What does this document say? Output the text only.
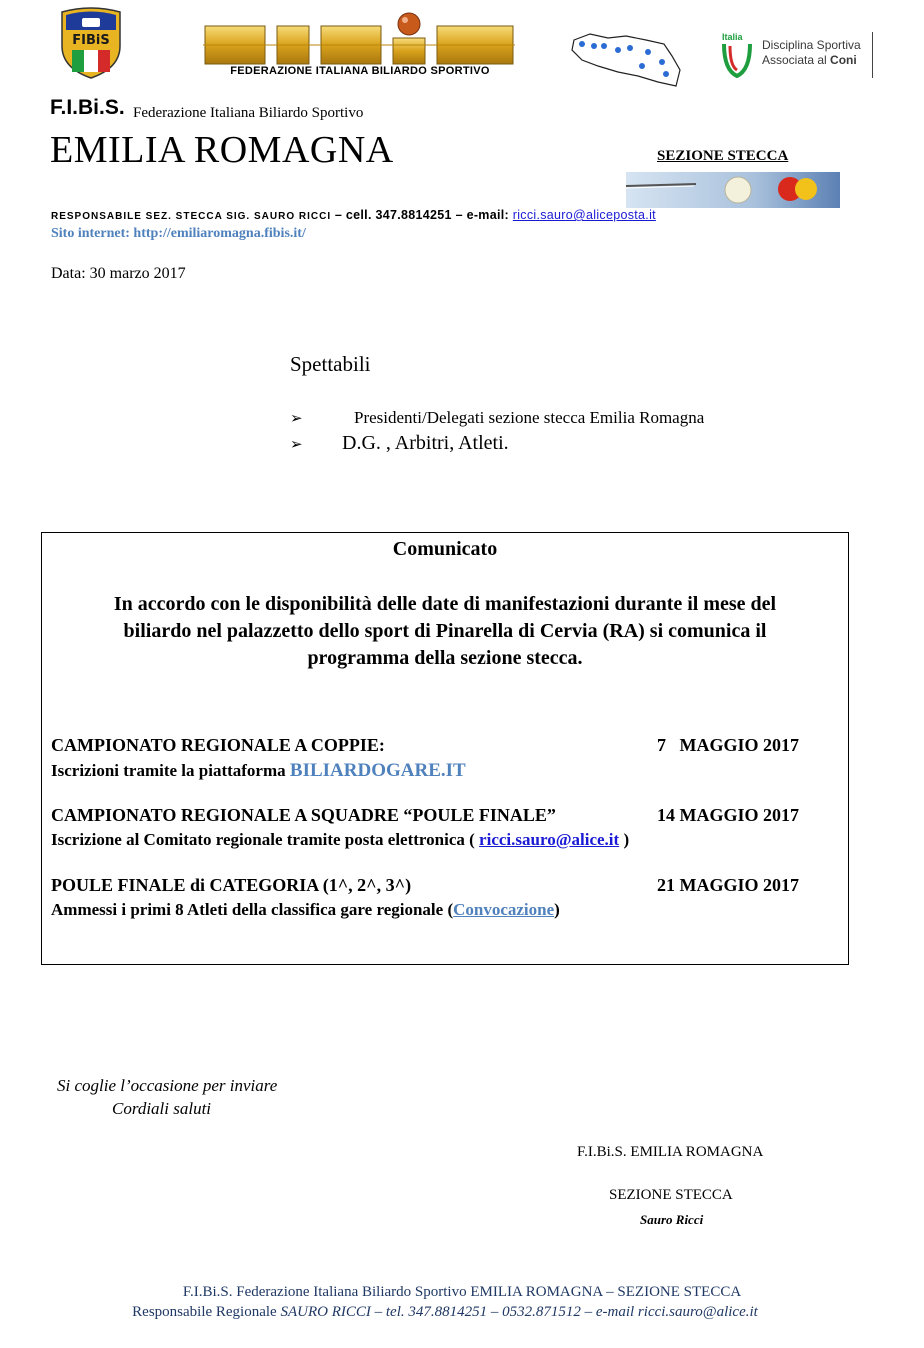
FIBiS
FEDERAZIONE ITALIANA BILIARDO SPORTIVO
Italia
Disciplina Sportiva
Associata al Coni
F.I.Bi.S. Federazione Italiana Biliardo Sportivo
EMILIA ROMAGNA	SEZIONE STECCA
RESPONSABILE SEZ. STECCA SIG. SAURO RICCI – cell. 347.8814251 – e-mail: ricci.sauro@aliceposta.it
Sito internet: http://emiliaromagna.fibis.it/
Data: 30 marzo 2017
Spettabili
➢	Presidenti/Delegati sezione stecca Emilia Romagna
➢ D.G. , Arbitri, Atleti.
Comunicato
In accordo con le disponibilità delle date di manifestazioni durante il mese del
biliardo nel palazzetto dello sport di Pinarella di Cervia (RA) si comunica il
programma della sezione stecca.
CAMPIONATO REGIONALE A COPPIE:	7   MAGGIO 2017
Iscrizioni tramite la piattaforma BILIARDOGARE.IT
CAMPIONATO REGIONALE A SQUADRE “POULE FINALE”	14 MAGGIO 2017
Iscrizione al Comitato regionale tramite posta elettronica ( ricci.sauro@alice.it )
POULE FINALE di CATEGORIA (1^, 2^, 3^)	21 MAGGIO 2017
Ammessi i primi 8 Atleti della classifica gare regionale (Convocazione)
Si coglie l’occasione per inviare
Cordiali saluti
F.I.Bi.S. EMILIA ROMAGNA
SEZIONE STECCA
Sauro Ricci
F.I.Bi.S. Federazione Italiana Biliardo Sportivo EMILIA ROMAGNA – SEZIONE STECCA
Responsabile Regionale SAURO RICCI – tel. 347.8814251 – 0532.871512 – e-mail ricci.sauro@alice.it
